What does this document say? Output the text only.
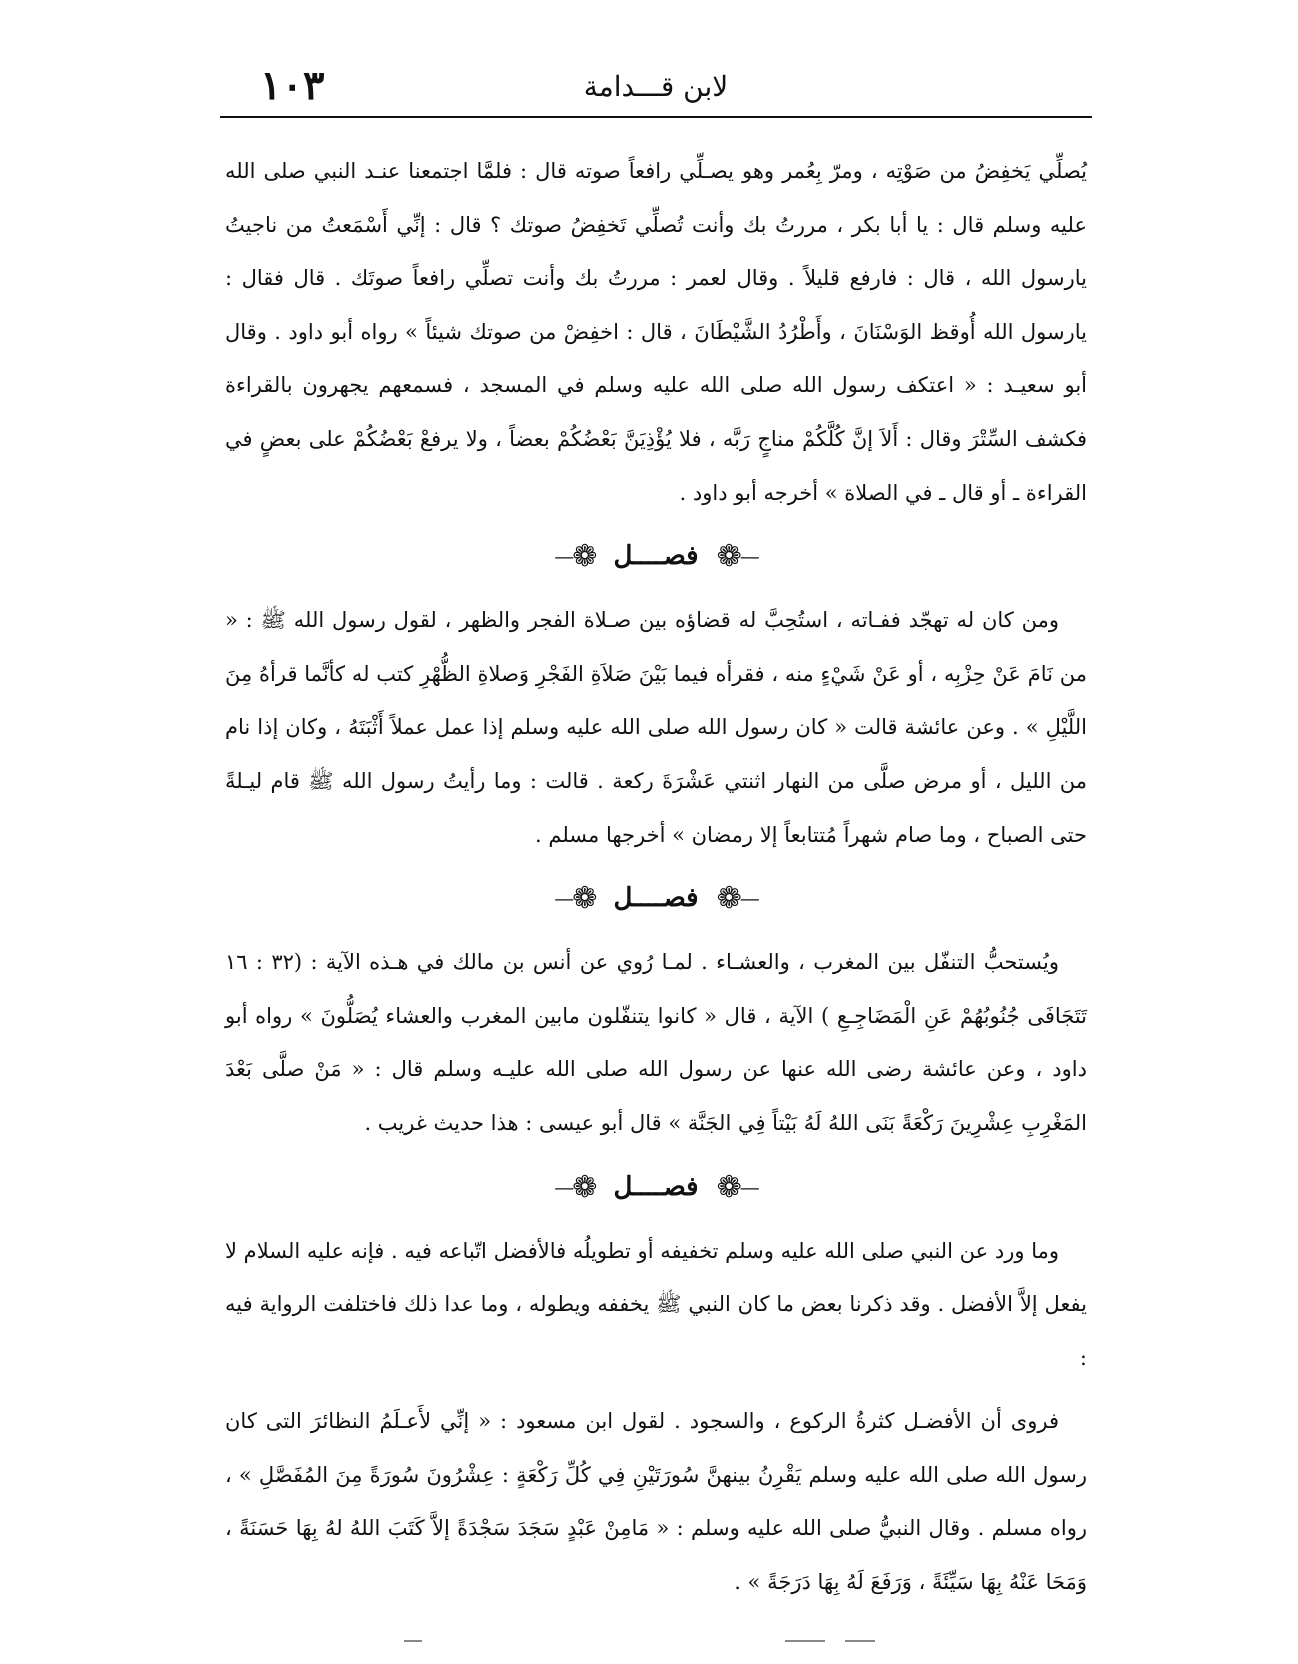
لابن قـــدامة
١٠٣

يُصلِّي يَخفِضُ من صَوْتِه ، ومرّ بِعُمر وهو يصـلِّي رافعاً صوته قال : فلمَّا اجتمعنا عنـد النبي صلى الله عليه وسلم قال : يا أبا بكر ، مررتُ بك وأنت تُصلِّي تَخفِضُ صوتك ؟ قال : إنِّي أَسْمَعتُ من ناجيتُ يارسول الله ، قال : فارفع قليلاً . وقال لعمر : مررتُ بك وأنت تصلِّي رافعاً صوتَك . قال فقال : يارسول الله أُوقظ الوَسْنَانَ ، وأَطْرُدُ الشَّيْطَانَ ، قال : اخفِضْ من صوتك شيئاً » رواه أبو داود . وقال أبو سعيـد : « اعتكف رسول الله صلى الله عليه وسلم في المسجد ، فسمعهم يجهرون بالقراءة فكشف السِّتْرَ وقال : أَلاَ إنَّ كُلَّكُمْ مناجٍ رَبَّه ، فلا يُؤْذِيَنَّ بَعْضُكُمْ بعضاً ، ولا يرفعْ بَعْضُكُمْ على بعضٍ في القراءة ـ أو قال ـ في الصلاة » أخرجه أبو داود .

—
❁
فصــــل
❁
—

ومن كان له تهجّد ففـاته ، استُحِبَّ له قضاؤه بين صـلاة الفجر والظهر ، لقول رسول الله ﷺ : « من نَامَ عَنْ حِزْبِه ، أو عَنْ شَيْءٍ منه ، فقرأه فيما بَيْنَ صَلاَةِ الفَجْرِ وَصلاةِ الظُّهْرِ كتب له كأنَّما قرأهُ مِنَ اللَّيْلِ » . وعن عائشة قالت « كان رسول الله صلى الله عليه وسلم إذا عمل عملاً أَثْبَتَهُ ، وكان إذا نام من الليل ، أو مرض صلَّى من النهار اثنتي عَشْرَةَ ركعة . قالت : وما رأيتُ رسول الله ﷺ قام ليـلةً حتى الصباح ، وما صام شهراً مُتتابعاً إلا رمضان » أخرجها مسلم .

—
❁
فصــــل
❁
—

ويُستحبُّ التنفّل بين المغرب ، والعشـاء . لمـا رُوي عن أنس بن مالك في هـذه الآية : (٣٢ : ١٦ تَتَجَافَى جُنُوبُهُمْ عَنِ الْمَضَاجِـعِ ) الآية ، قال « كانوا يتنفّلون مابين المغرب والعشاء يُصَلُّونَ » رواه أبو داود ، وعن عائشة رضى الله عنها عن رسول الله صلى الله عليـه وسلم قال : « مَنْ صلَّى بَعْدَ المَغْرِبِ عِشْرِينَ رَكْعَةً بَنَى اللهُ لَهُ بَيْتاً فِي الجَنَّة » قال أبو عيسى : هذا حديث غريب .

—
❁
فصــــل
❁
—

وما ورد عن النبي صلى الله عليه وسلم تخفيفه أو تطويلُه فالأفضل اتّباعه فيه . فإنه عليه السلام لا يفعل إلاَّ الأفضل . وقد ذكرنا بعض ما كان النبي ﷺ يخففه ويطوله ، وما عدا ذلك فاختلفت الرواية فيه :

فروى أن الأفضـل كثرةُ الركوع ، والسجود . لقول ابن مسعود : « إنِّي لأَعـلَمُ النظائرَ التى كان رسول الله صلى الله عليه وسلم يَقْرِنُ بينهنَّ سُورَتَيْنِ فِي كُلِّ رَكْعَةٍ : عِشْرُونَ سُورَةً مِنَ المُفَصَّلِ » ، رواه مسلم . وقال النبيُّ صلى الله عليه وسلم : « مَامِنْ عَبْدٍ سَجَدَ سَجْدَةً إلاَّ كَتَبَ اللهُ لهُ بِهَا حَسَنَةً ، وَمَحَا عَنْهُ بِهَا سَيِّئَةً ، وَرَفَعَ لَهُ بِهَا دَرَجَةً » .
